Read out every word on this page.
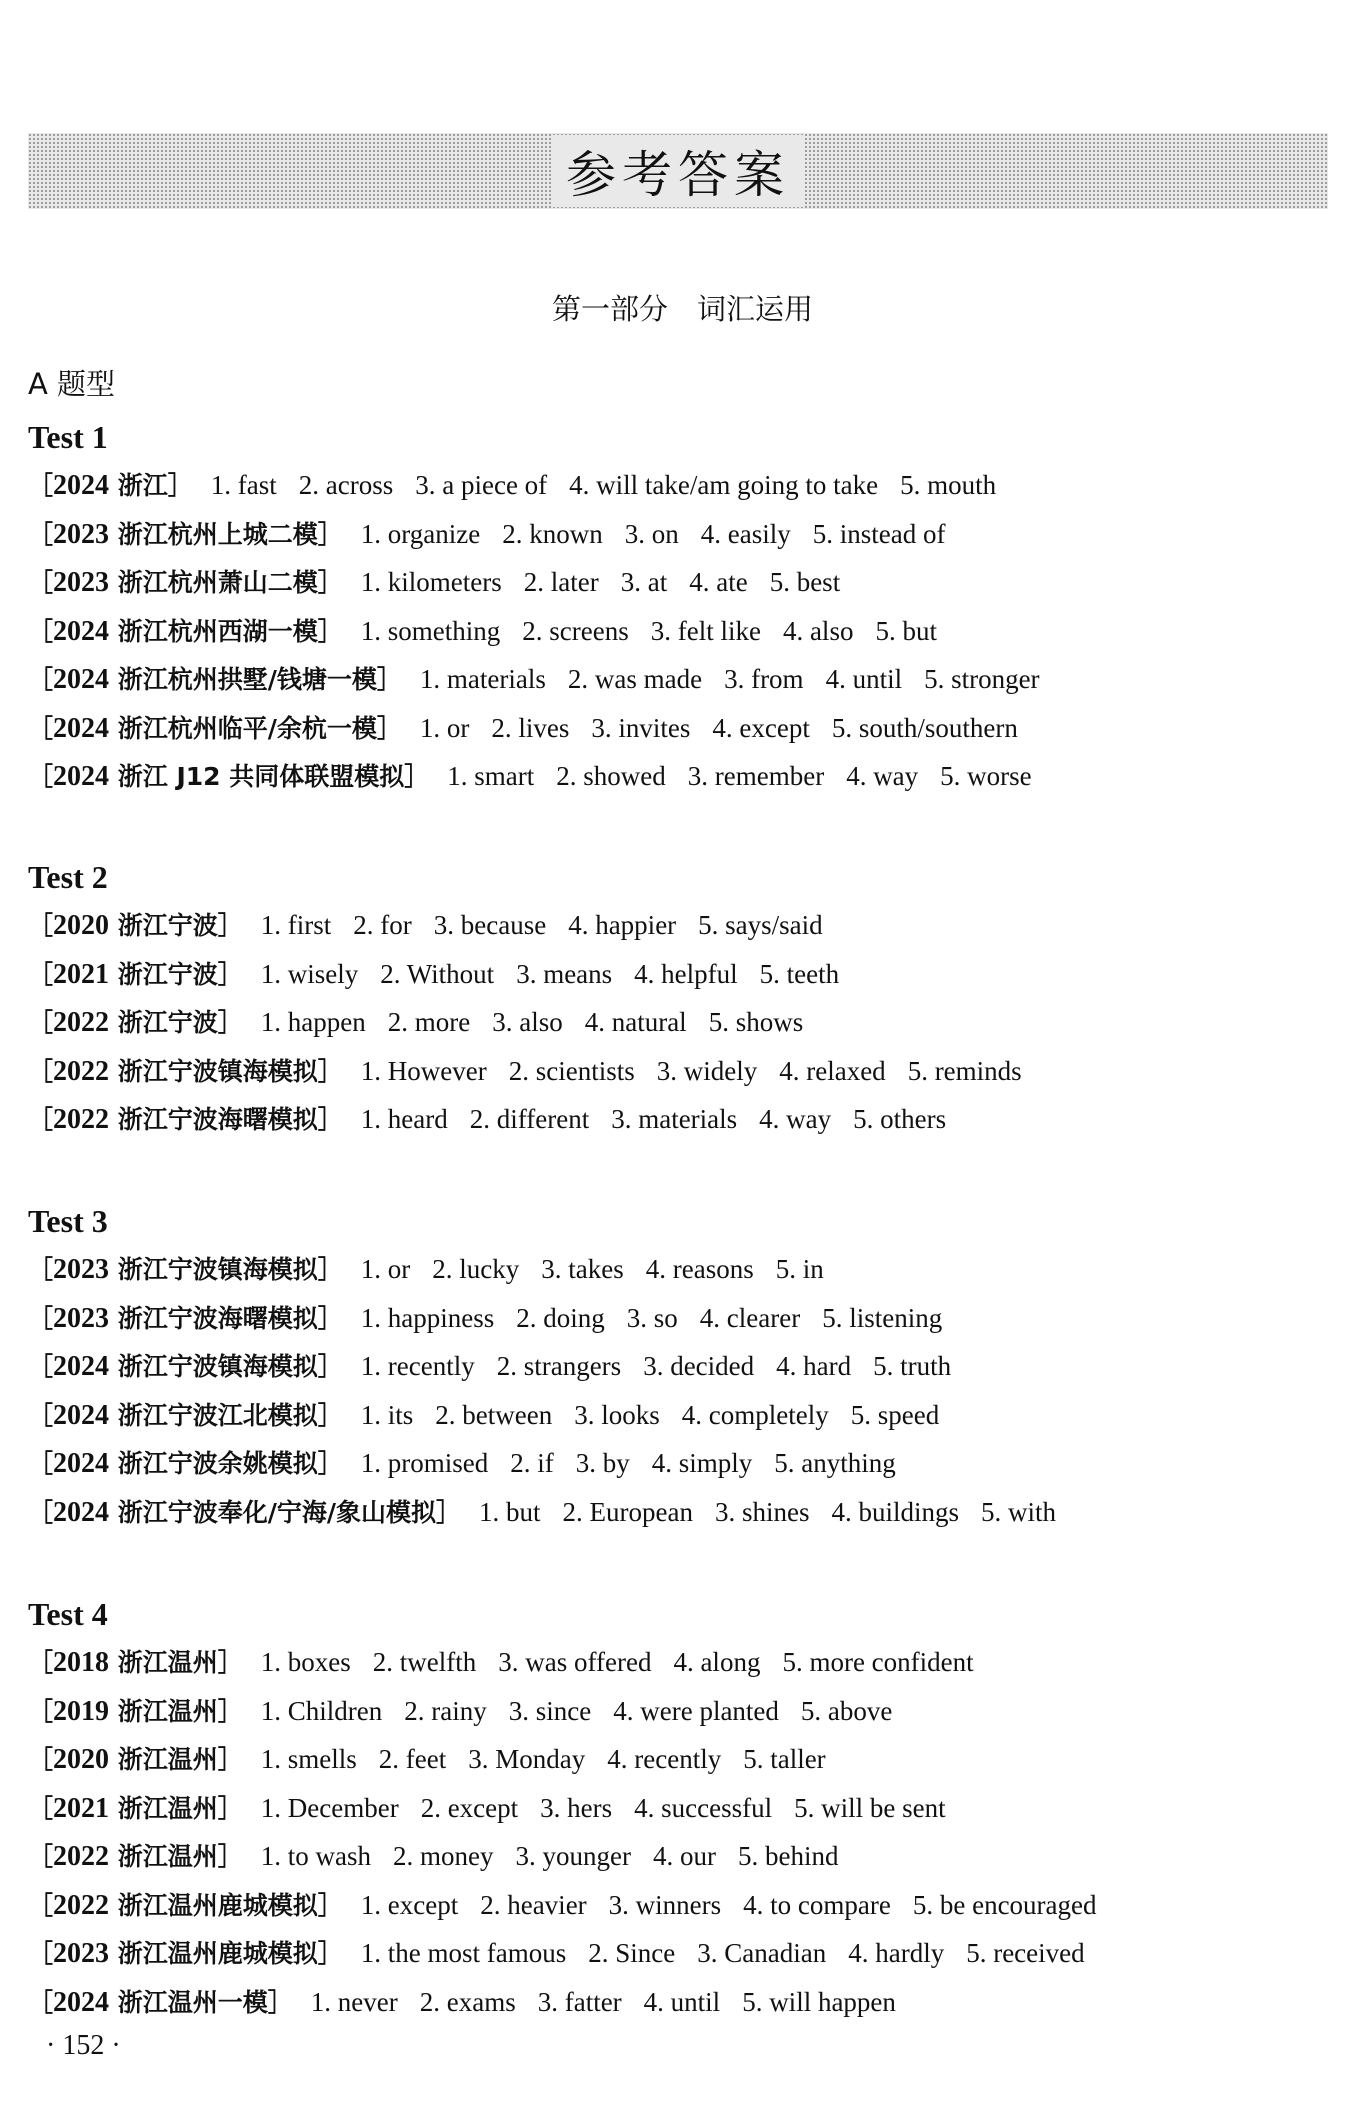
参考答案
第一部分　词汇运用
A 题型
Test 1
［2024 浙江］ 1. fast 2. across 3. a piece of 4. will take/am going to take 5. mouth
［2023 浙江杭州上城二模］ 1. organize 2. known 3. on 4. easily 5. instead of
［2023 浙江杭州萧山二模］ 1. kilometers 2. later 3. at 4. ate 5. best
［2024 浙江杭州西湖一模］ 1. something 2. screens 3. felt like 4. also 5. but
［2024 浙江杭州拱墅/钱塘一模］ 1. materials 2. was made 3. from 4. until 5. stronger
［2024 浙江杭州临平/余杭一模］ 1. or 2. lives 3. invites 4. except 5. south/southern
［2024 浙江 J12 共同体联盟模拟］ 1. smart 2. showed 3. remember 4. way 5. worse
Test 2
［2020 浙江宁波］ 1. first 2. for 3. because 4. happier 5. says/said
［2021 浙江宁波］ 1. wisely 2. Without 3. means 4. helpful 5. teeth
［2022 浙江宁波］ 1. happen 2. more 3. also 4. natural 5. shows
［2022 浙江宁波镇海模拟］ 1. However 2. scientists 3. widely 4. relaxed 5. reminds
［2022 浙江宁波海曙模拟］ 1. heard 2. different 3. materials 4. way 5. others
Test 3
［2023 浙江宁波镇海模拟］ 1. or 2. lucky 3. takes 4. reasons 5. in
［2023 浙江宁波海曙模拟］ 1. happiness 2. doing 3. so 4. clearer 5. listening
［2024 浙江宁波镇海模拟］ 1. recently 2. strangers 3. decided 4. hard 5. truth
［2024 浙江宁波江北模拟］ 1. its 2. between 3. looks 4. completely 5. speed
［2024 浙江宁波余姚模拟］ 1. promised 2. if 3. by 4. simply 5. anything
［2024 浙江宁波奉化/宁海/象山模拟］ 1. but 2. European 3. shines 4. buildings 5. with
Test 4
［2018 浙江温州］ 1. boxes 2. twelfth 3. was offered 4. along 5. more confident
［2019 浙江温州］ 1. Children 2. rainy 3. since 4. were planted 5. above
［2020 浙江温州］ 1. smells 2. feet 3. Monday 4. recently 5. taller
［2021 浙江温州］ 1. December 2. except 3. hers 4. successful 5. will be sent
［2022 浙江温州］ 1. to wash 2. money 3. younger 4. our 5. behind
［2022 浙江温州鹿城模拟］ 1. except 2. heavier 3. winners 4. to compare 5. be encouraged
［2023 浙江温州鹿城模拟］ 1. the most famous 2. Since 3. Canadian 4. hardly 5. received
［2024 浙江温州一模］ 1. never 2. exams 3. fatter 4. until 5. will happen
· 152 ·
